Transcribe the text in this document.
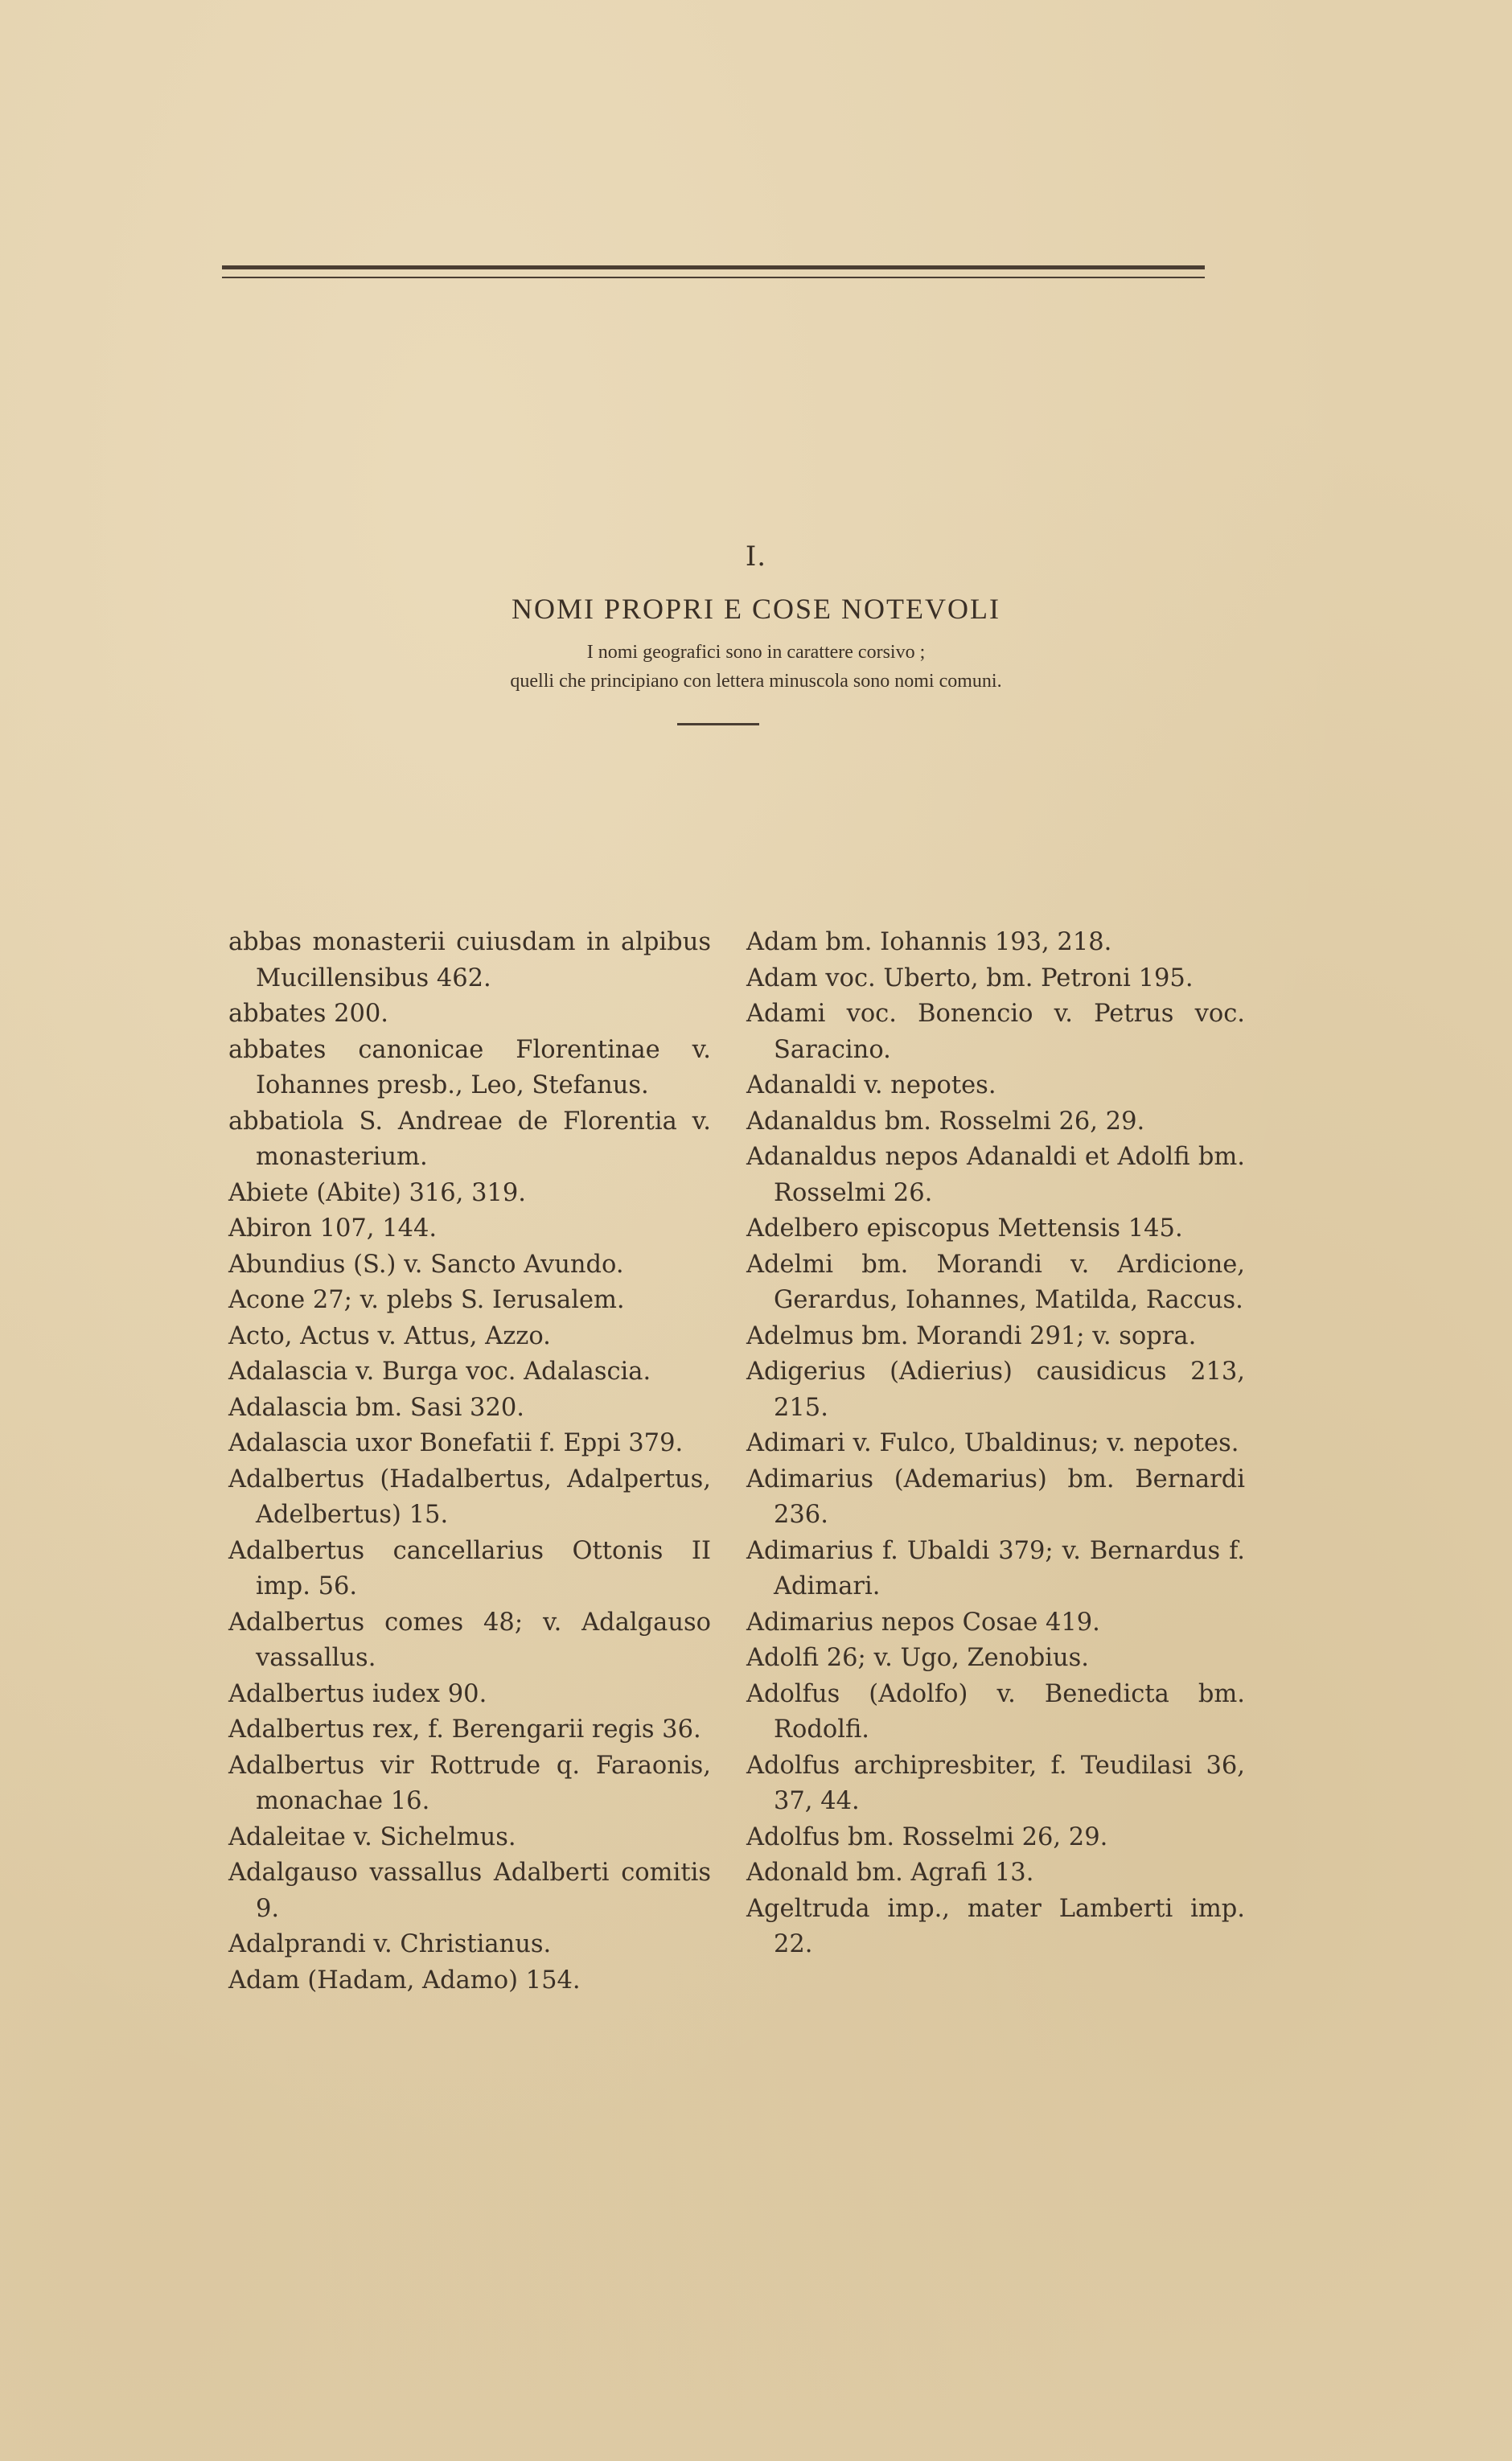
I.
NOMI PROPRI E COSE NOTEVOLI
I nomi geografici sono in carattere corsivo ;
quelli che principiano con lettera minuscola sono nomi comuni.

abbas monasterii cuiusdam in alpibus Mucillensibus 462.

abbates 200.

abbates canonicae Florentinae v. Iohannes presb., Leo, Stefanus.

abbatiola S. Andreae de Florentia v. monasterium.

Abiete (Abite) 316, 319.

Abiron 107, 144.

Abundius (S.) v. Sancto Avundo.

Acone 27; v. plebs S. Ierusalem.

Acto, Actus v. Attus, Azzo.

Adalascia v. Burga voc. Adalascia.

Adalascia bm. Sasi 320.

Adalascia uxor Bonefatii f. Eppi 379.

Adalbertus (Hadalbertus, Adalpertus, Adelbertus) 15.

Adalbertus cancellarius Ottonis II imp. 56.

Adalbertus comes 48; v. Adalgauso vassallus.

Adalbertus iudex 90.

Adalbertus rex, f. Berengarii regis 36.

Adalbertus vir Rottrude q. Faraonis, monachae 16.

Adaleitae v. Sichelmus.

Adalgauso vassallus Adalberti comitis 9.

Adalprandi v. Christianus.

Adam (Hadam, Adamo) 154.

Adam bm. Iohannis 193, 218.

Adam voc. Uberto, bm. Petroni 195.

Adami voc. Bonencio v. Petrus voc. Saracino.

Adanaldi v. nepotes.

Adanaldus bm. Rosselmi 26, 29.

Adanaldus nepos Adanaldi et Adolfi bm. Rosselmi 26.

Adelbero episcopus Mettensis 145.

Adelmi bm. Morandi v. Ardicione, Gerardus, Iohannes, Matilda, Raccus.

Adelmus bm. Morandi 291; v. sopra.

Adigerius (Adierius) causidicus 213, 215.

Adimari v. Fulco, Ubaldinus; v. nepotes.

Adimarius (Ademarius) bm. Bernardi 236.

Adimarius f. Ubaldi 379; v. Bernardus f. Adimari.

Adimarius nepos Cosae 419.

Adolfi 26; v. Ugo, Zenobius.

Adolfus (Adolfo) v. Benedicta bm. Rodolfi.

Adolfus archipresbiter, f. Teudilasi 36, 37, 44.

Adolfus bm. Rosselmi 26, 29.

Adonald bm. Agrafi 13.

Ageltruda imp., mater Lamberti imp. 22.
